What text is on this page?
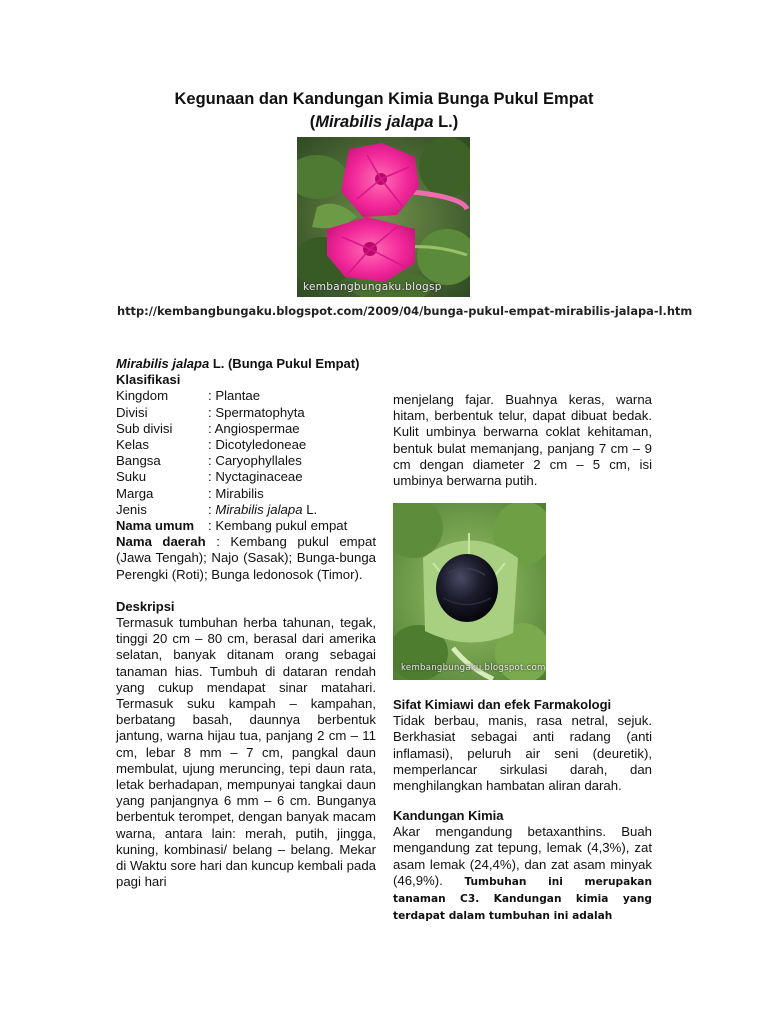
Kegunaan dan Kandungan Kimia Bunga Pukul Empat
(Mirabilis jalapa L.)
kembangbungaku.blogsp
http://kembangbungaku.blogspot.com/2009/04/bunga-pukul-empat-mirabilis-jalapa-l.htm
Mirabilis jalapa L. (Bunga Pukul Empat)
Klasifikasi
Kingdom	: Plantae
Divisi	: Spermatophyta
Sub divisi	: Angiospermae
Kelas	: Dicotyledoneae
Bangsa	: Caryophyllales
Suku	: Nyctaginaceae
Marga	: Mirabilis
Jenis	: Mirabilis jalapa L.
Nama umum	: Kembang pukul empat
Nama daerah : Kembang pukul empat (Jawa Tengah); Najo (Sasak); Bunga-bunga Perengki (Roti); Bunga ledonosok (Timor).
Deskripsi
Termasuk tumbuhan herba tahunan, tegak, tinggi 20 cm – 80 cm, berasal dari amerika selatan, banyak ditanam orang sebagai tanaman hias. Tumbuh di dataran rendah yang cukup mendapat sinar matahari. Termasuk suku kampah – kampahan, berbatang basah, daunnya berbentuk jantung, warna hijau tua, panjang 2 cm – 11 cm, lebar 8 mm – 7 cm, pangkal daun membulat, ujung meruncing, tepi daun rata, letak berhadapan, mempunyai tangkai daun yang panjangnya 6 mm – 6 cm. Bunganya berbentuk terompet, dengan banyak macam warna, antara lain: merah, putih, jingga, kuning, kombinasi/ belang – belang. Mekar di Waktu sore hari dan kuncup kembali pada pagi hari
menjelang fajar. Buahnya keras, warna hitam, berbentuk telur, dapat dibuat bedak. Kulit umbinya berwarna coklat kehitaman, bentuk bulat memanjang, panjang 7 cm – 9 cm dengan diameter 2 cm – 5 cm, isi umbinya berwarna putih.
kembangbungaku.blogspot.com
Sifat Kimiawi dan efek Farmakologi
Tidak berbau, manis, rasa netral, sejuk. Berkhasiat sebagai anti radang (anti inflamasi), peluruh air seni (deuretik), memperlancar sirkulasi darah, dan menghilangkan hambatan aliran darah.
Kandungan Kimia
Akar mengandung betaxanthins. Buah mengandung zat tepung, lemak (4,3%), zat asam lemak (24,4%), dan zat asam minyak (46,9%). Tumbuhan ini merupakan tanaman C3. Kandungan kimia yang terdapat dalam tumbuhan ini adalah
